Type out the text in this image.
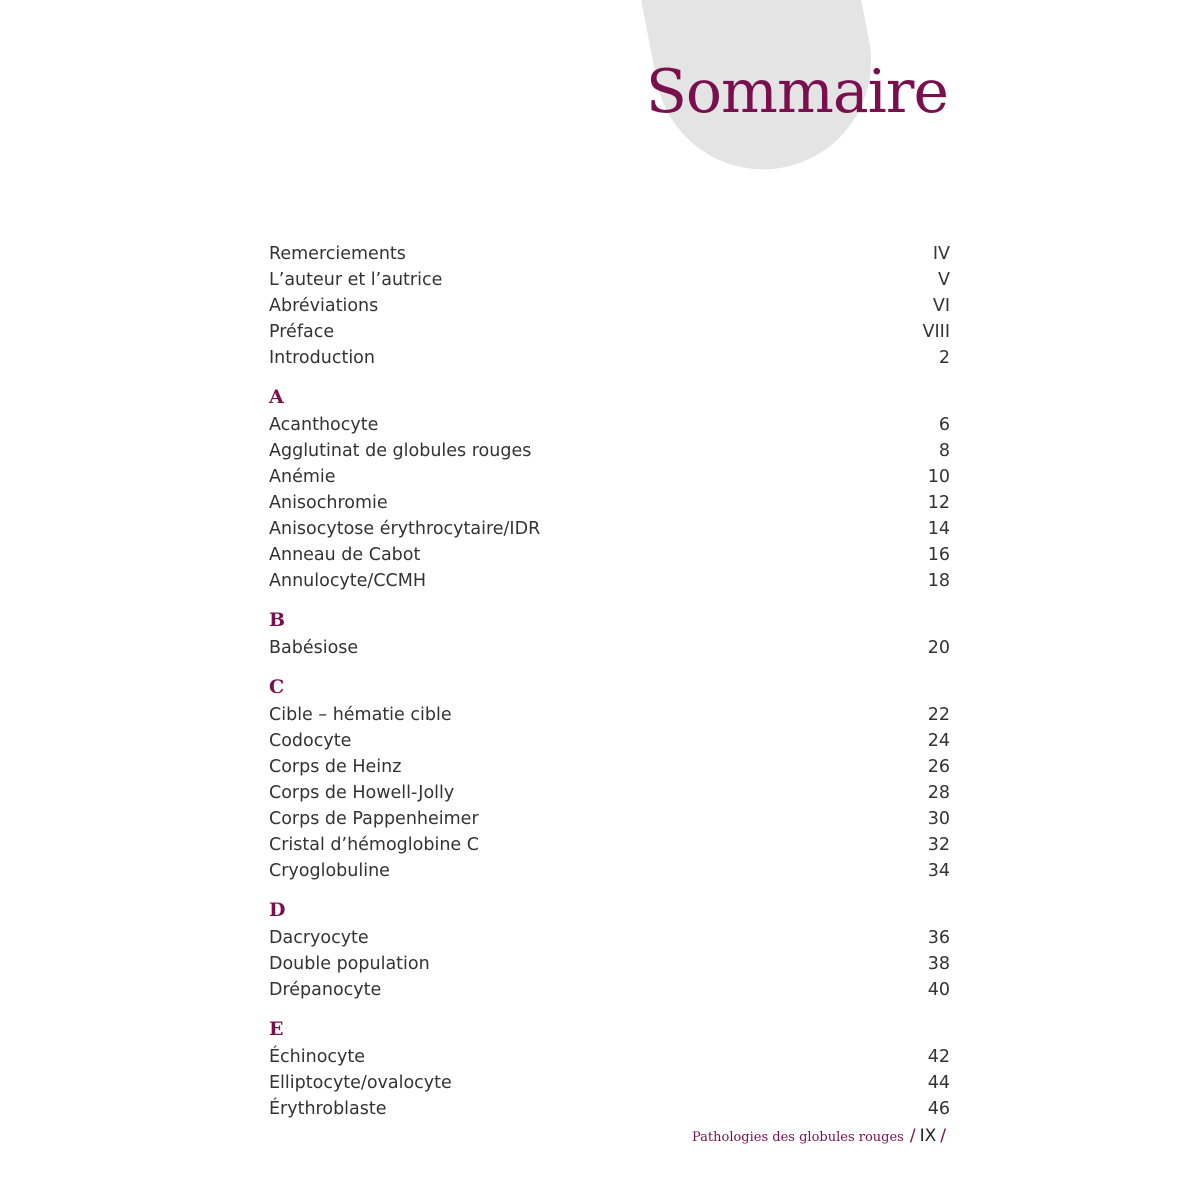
Sommaire
Remerciements	IV
L’auteur et l’autrice	V
Abréviations	VI
Préface	VIII
Introduction	2
A
Acanthocyte	6
Agglutinat de globules rouges	8
Anémie	10
Anisochromie	12
Anisocytose érythrocytaire/IDR	14
Anneau de Cabot	16
Annulocyte/CCMH	18
B
Babésiose	20
C
Cible – hématie cible	22
Codocyte	24
Corps de Heinz	26
Corps de Howell-Jolly	28
Corps de Pappenheimer	30
Cristal d’hémoglobine C	32
Cryoglobuline	34
D
Dacryocyte	36
Double population	38
Drépanocyte	40
E
Échinocyte	42
Elliptocyte/ovalocyte	44
Érythroblaste	46
Pathologies des globules rouges / IX /
